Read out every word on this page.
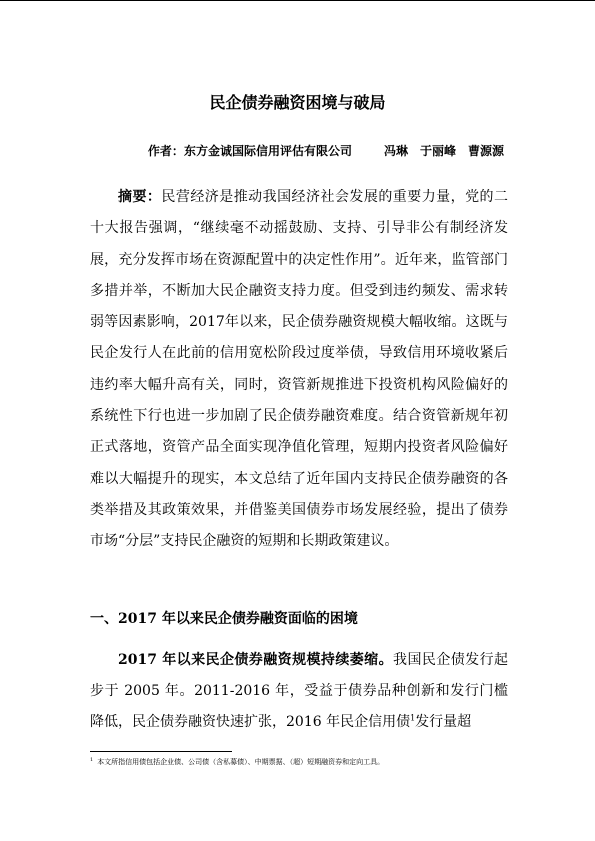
民企债券融资困境与破局
作者：东方金诚国际信用评估有限公司	冯琳 于丽峰 曹源源

摘要：民营经济是推动我国经济社会发展的重要力量，党的二十大报告强调，“继续毫不动摇鼓励、支持、引导非公有制经济发展，充分发挥市场在资源配置中的决定性作用”。近年来，监管部门多措并举，不断加大民企融资支持力度。但受到违约频发、需求转弱等因素影响，2017年以来，民企债券融资规模大幅收缩。这既与民企发行人在此前的信用宽松阶段过度举债，导致信用环境收紧后违约率大幅升高有关，同时，资管新规推进下投资机构风险偏好的系统性下行也进一步加剧了民企债券融资难度。结合资管新规年初正式落地，资管产品全面实现净值化管理，短期内投资者风险偏好难以大幅提升的现实，本文总结了近年国内支持民企债券融资的各类举措及其政策效果，并借鉴美国债券市场发展经验，提出了债券市场“分层”支持民企融资的短期和长期政策建议。

一、2017 年以来民企债券融资面临的困境

2017 年以来民企债券融资规模持续萎缩。我国民企债发行起步于 2005 年。2011-2016 年，受益于债券品种创新和发行门槛降低，民企债券融资快速扩张，2016 年民企信用债$^1$发行量超

$^1$ 本文所指信用债包括企业债、公司债（含私募债）、中期票据、（超）短期融资券和定向工具。
